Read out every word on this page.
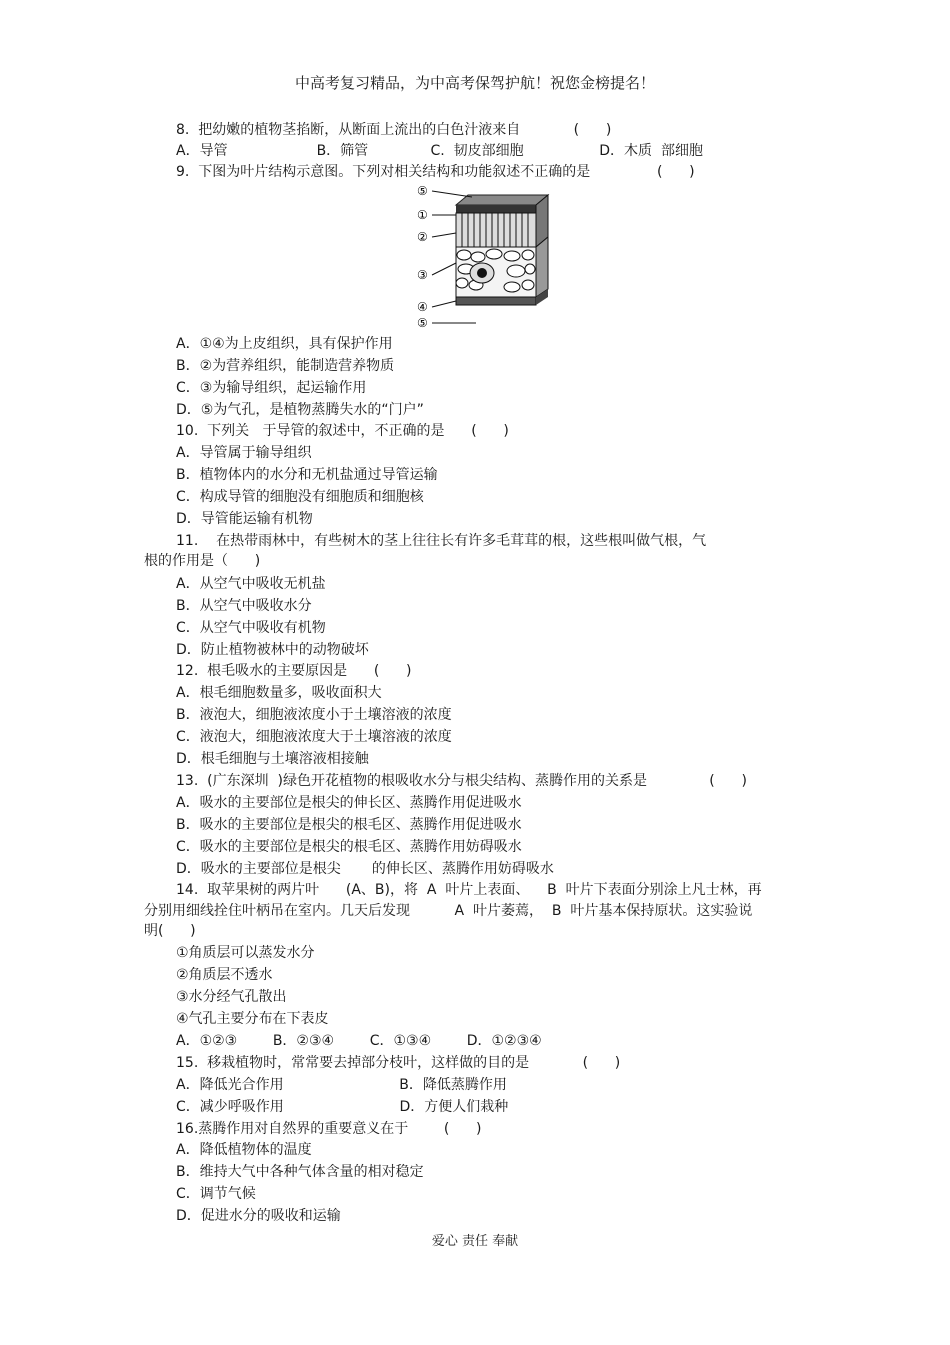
中高考复习精品，为中高考保驾护航！祝您金榜提名！
8.  把幼嫩的植物茎掐断，从断面上流出的白色汁液来自            (      )
A．导管                    B．筛管              C.  韧皮部细胞                 D．木质  部细胞
9.  下图为叶片结构示意图。下列对相关结构和功能叙述不正确的是               (      )
⑤
①
②
③
④
⑤
A．①④为上皮组织，具有保护作用
B．②为营养组织，能制造营养物质
C．③为输导组织，起运输作用
D．⑤为气孔，是植物蒸腾失水的“门户”
10.  下列关   于导管的叙述中，不正确的是      (      )
A．导管属于输导组织
B．植物体内的水分和无机盐通过导管运输
C．构成导管的细胞没有细胞质和细胞核
D．导管能运输有机物
11.    在热带雨林中，有些树木的茎上往往长有许多毛茸茸的根，这些根叫做气根，气
根的作用是（      )
A．从空气中吸收无机盐
B．从空气中吸收水分
C．从空气中吸收有机物
D．防止植物被林中的动物破坏
12.  根毛吸水的主要原因是      (      )
A．根毛细胞数量多，吸收面积大
B．液泡大，细胞液浓度小于土壤溶液的浓度
C．液泡大，细胞液浓度大于土壤溶液的浓度
D．根毛细胞与土壤溶液相接触
13.  (广东深圳  )绿色开花植物的根吸收水分与根尖结构、蒸腾作用的关系是              (      )
A．吸水的主要部位是根尖的伸长区、蒸腾作用促进吸水
B．吸水的主要部位是根尖的根毛区、蒸腾作用促进吸水
C．吸水的主要部位是根尖的根毛区、蒸腾作用妨碍吸水
D．吸水的主要部位是根尖       的伸长区、蒸腾作用妨碍吸水
14.  取苹果树的两片叶      (A、B)，将  A  叶片上表面、    B  叶片下表面分别涂上凡士林，再
分别用细线拴住叶柄吊在室内。几天后发现          A  叶片萎蔫，  B  叶片基本保持原状。这实验说
明(      )
①角质层可以蒸发水分
②角质层不透水
③水分经气孔散出
④气孔主要分布在下表皮
A．①②③        B．②③④        C．①③④        D．①②③④
15.  移栽植物时，常常要去掉部分枝叶，这样做的目的是            (      )
A．降低光合作用                          B．降低蒸腾作用
C．减少呼吸作用                          D．方便人们栽种
16.蒸腾作用对自然界的重要意义在于        (      )
A．降低植物体的温度
B．维持大气中各种气体含量的相对稳定
C．调节气候
D．促进水分的吸收和运输
爱心 责任 奉献
